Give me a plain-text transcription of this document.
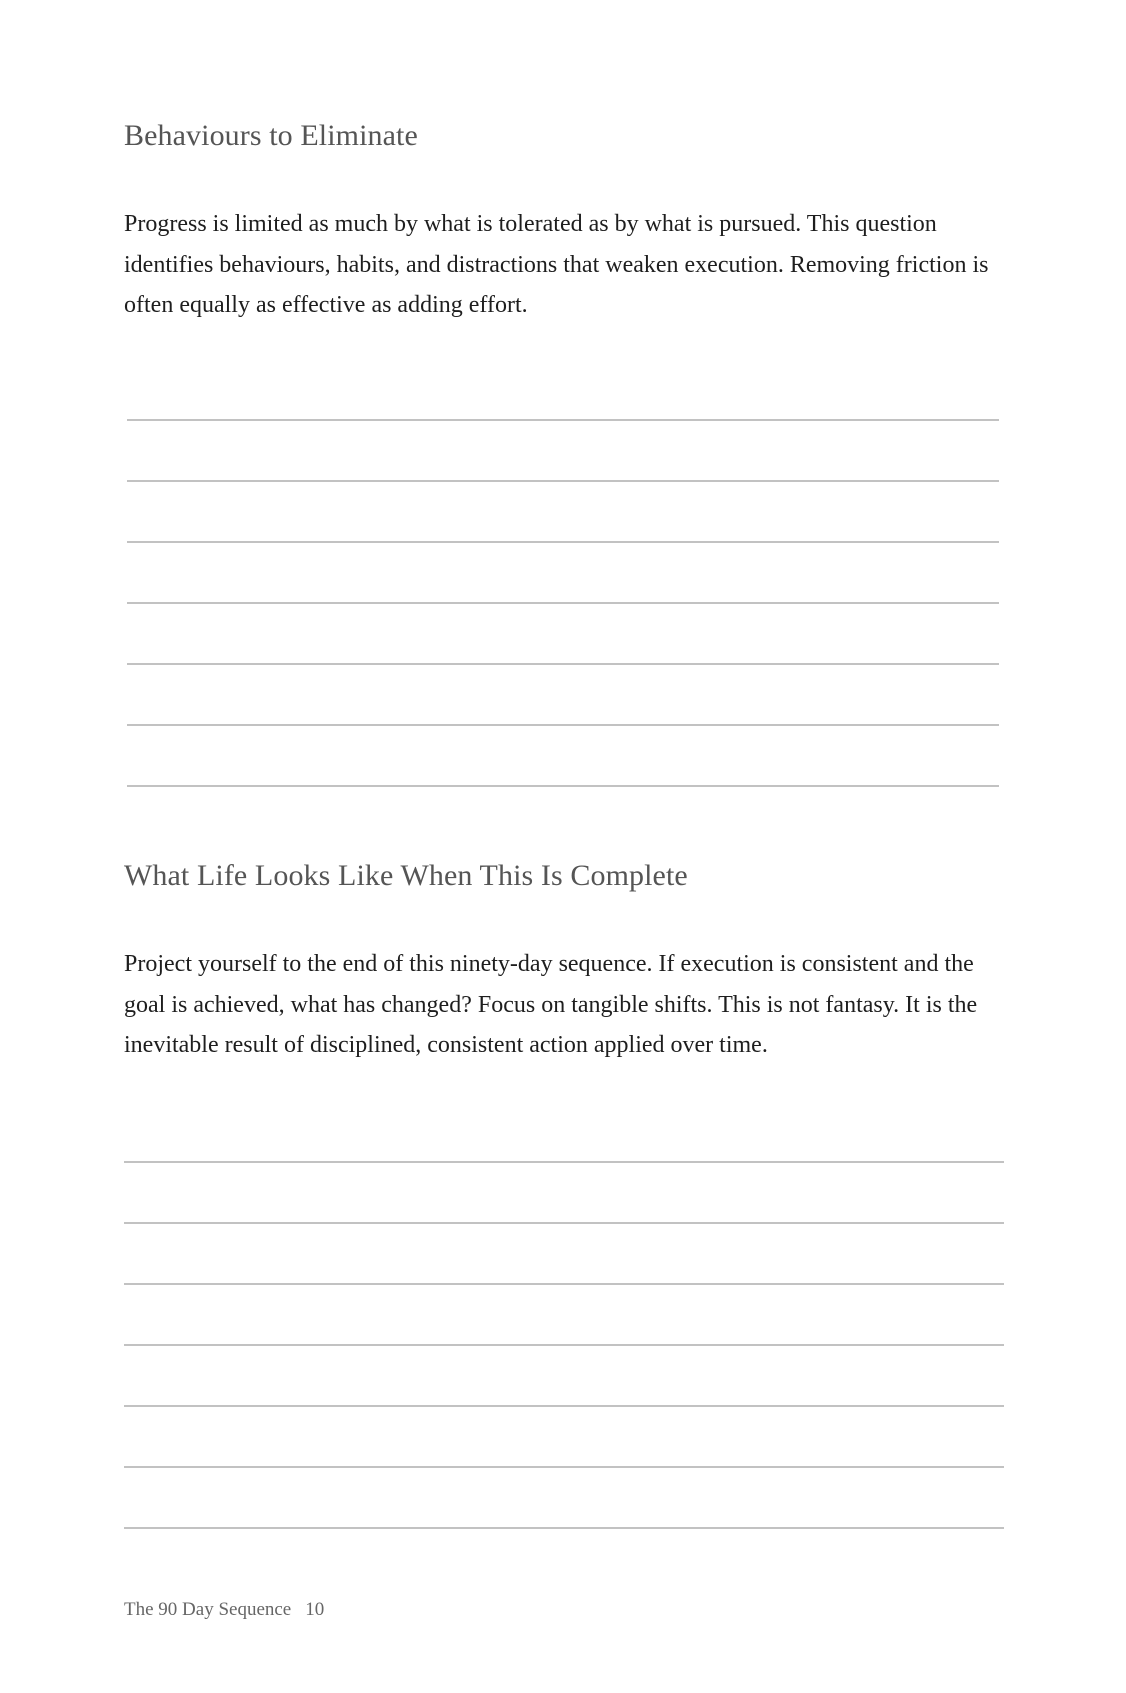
Behaviours to Eliminate

Progress is limited as much by what is tolerated as by what is pursued. This question identifies behaviours, habits, and distractions that weaken execution. Removing friction is often equally as effective as adding effort.

What Life Looks Like When This Is Complete

Project yourself to the end of this ninety-day sequence. If execution is consistent and the goal is achieved, what has changed? Focus on tangible shifts. This is not fantasy. It is the inevitable result of disciplined, consistent action applied over time.

The 90 Day Sequence 10
